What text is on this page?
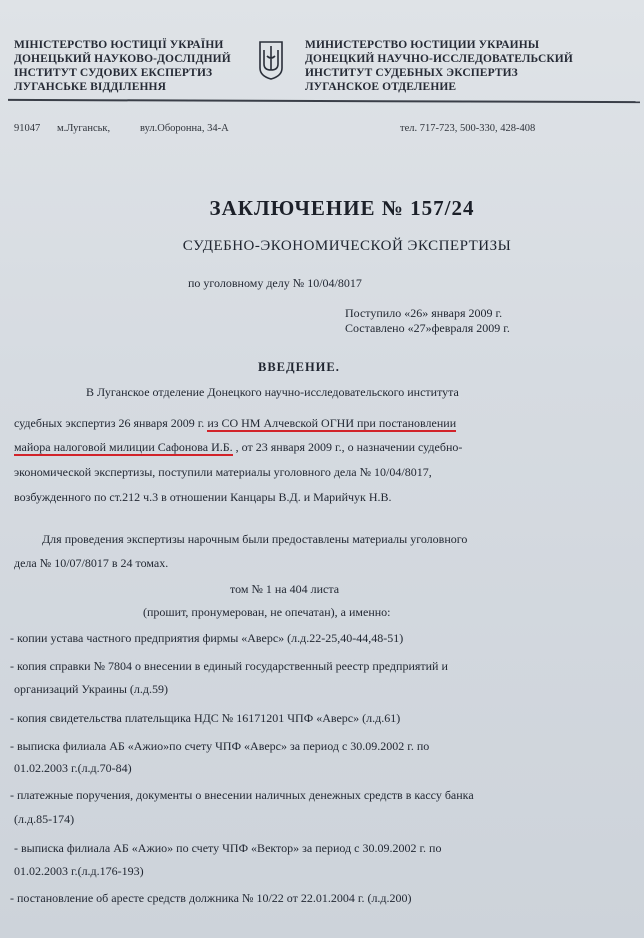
МІНІСТЕРСТВО ЮСТИЦІЇ УКРАЇНИ
ДОНЕЦЬКИЙ НАУКОВО-ДОСЛІДНИЙ
ІНСТИТУТ СУДОВИХ ЕКСПЕРТИЗ
ЛУГАНСЬКЕ ВІДДІЛЕННЯ
МИНИСТЕРСТВО ЮСТИЦИИ УКРАИНЫ
ДОНЕЦКИЙ НАУЧНО-ИССЛЕДОВАТЕЛЬСКИЙ
ИНСТИТУТ СУДЕБНЫХ ЭКСПЕРТИЗ
ЛУГАНСКОЕ ОТДЕЛЕНИЕ
91047 м.Луганськ,	вул.Оборонна, 34-А	тел. 717-723, 500-330, 428-408
ЗАКЛЮЧЕНИЕ № 157/24
СУДЕБНО-ЭКОНОМИЧЕСКОЙ ЭКСПЕРТИЗЫ
по уголовному делу № 10/04/8017
Поступило «26» января 2009 г.
Составлено «27»февраля 2009 г.
ВВЕДЕНИЕ.
В Луганское отделение Донецкого научно-исследовательского института
судебных экспертиз 26 января 2009 г. из СО НМ Алчевской ОГНИ при постановлении
майора налоговой милиции Сафонова И.Б. , от 23 января 2009 г., о назначении судебно-
экономической экспертизы, поступили материалы уголовного дела № 10/04/8017,
возбужденного по ст.212 ч.3 в отношении Канцары В.Д. и Марийчук Н.В.
Для проведения экспертизы нарочным были предоставлены материалы уголовного
дела № 10/07/8017 в 24 томах.
том № 1 на 404 листа
(прошит, пронумерован, не опечатан), а именно:
- копии устава частного предприятия фирмы «Аверс» (л.д.22-25,40-44,48-51)
- копия справки № 7804 о внесении в единый государственный реестр предприятий и
организаций Украины (л.д.59)
- копия свидетельства плательщика НДС № 16171201 ЧПФ «Аверс» (л.д.61)
- выписка филиала АБ «Ажио»по счету ЧПФ «Аверс» за период с 30.09.2002 г. по
01.02.2003 г.(л.д.70-84)
- платежные поручения, документы о внесении наличных денежных средств в кассу банка
(л.д.85-174)
- выписка филиала АБ «Ажио» по счету ЧПФ «Вектор» за период с 30.09.2002 г. по
01.02.2003 г.(л.д.176-193)
- постановление об аресте средств должника № 10/22 от 22.01.2004 г. (л.д.200)
